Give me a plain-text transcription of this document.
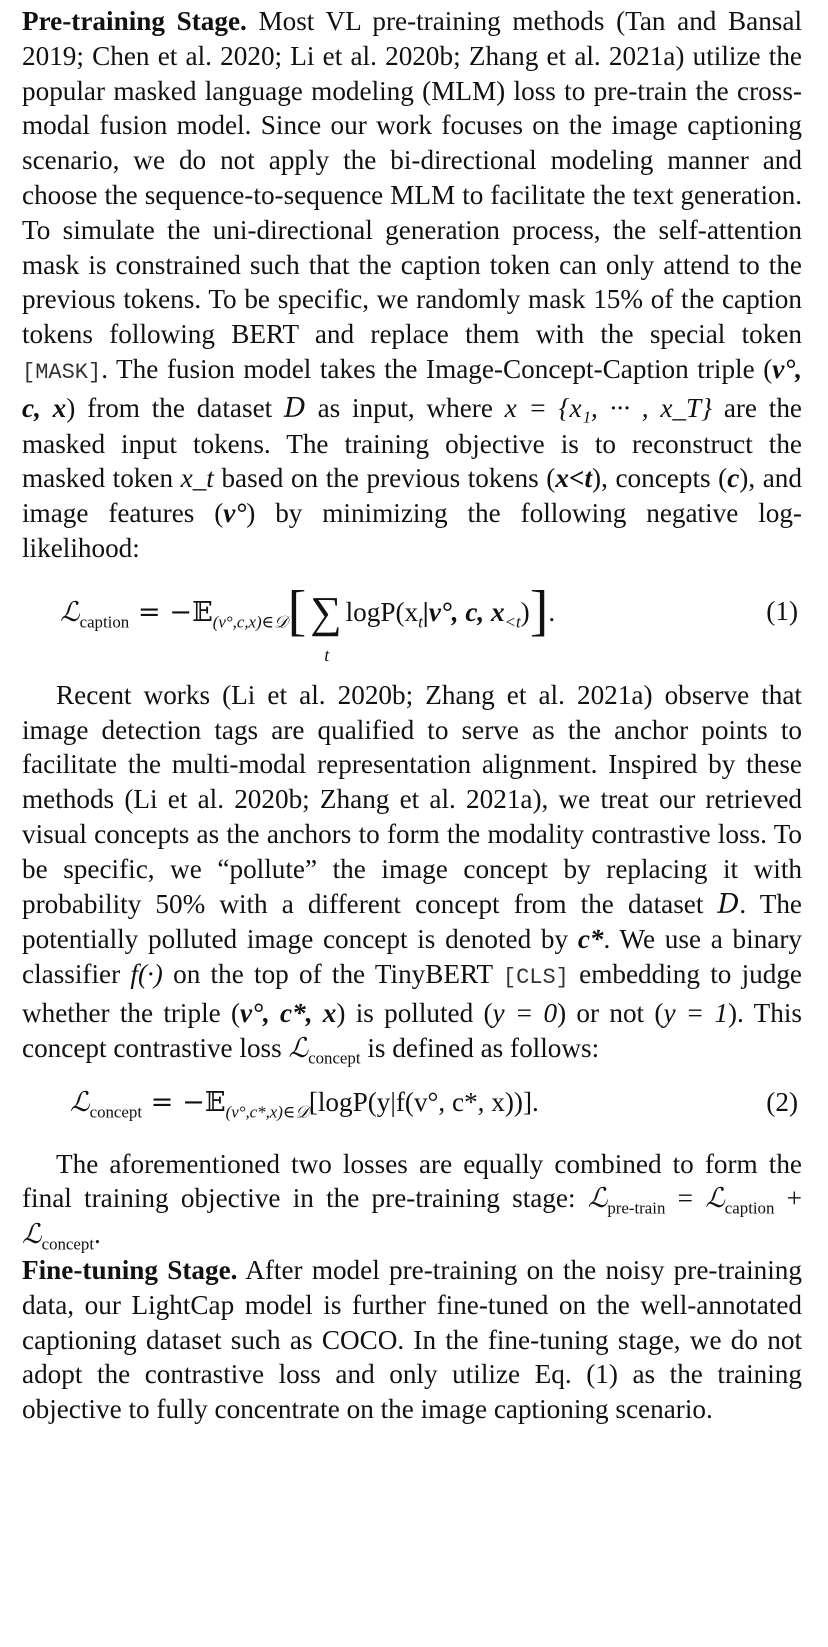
Pre-training Stage. Most VL pre-training methods (Tan and Bansal 2019; Chen et al. 2020; Li et al. 2020b; Zhang et al. 2021a) utilize the popular masked language modeling (MLM) loss to pre-train the cross-modal fusion model. Since our work focuses on the image captioning scenario, we do not apply the bi-directional modeling manner and choose the sequence-to-sequence MLM to facilitate the text generation. To simulate the uni-directional generation process, the self-attention mask is constrained such that the caption token can only attend to the previous tokens. To be specific, we randomly mask 15% of the caption tokens following BERT and replace them with the special token [MASK]. The fusion model takes the Image-Concept-Caption triple (v°, c, x) from the dataset D as input, where x = {x₁, ··· , x_T} are the masked input tokens. The training objective is to reconstruct the masked token x_t based on the previous tokens (x<t), concepts (c), and image features (v°) by minimizing the following negative log-likelihood:

ℒ$_{caption}$ = −𝔼$_{(v^\circ,c,x)\in 𝒟}$[∑
t
$\log P(x_t|v^\circ$, c, $x_{<t}$)].	(1)

Recent works (Li et al. 2020b; Zhang et al. 2021a) observe that image detection tags are qualified to serve as the anchor points to facilitate the multi-modal representation alignment. Inspired by these methods (Li et al. 2020b; Zhang et al. 2021a), we treat our retrieved visual concepts as the anchors to form the modality contrastive loss. To be specific, we “pollute” the image concept by replacing it with probability 50% with a different concept from the dataset D. The potentially polluted image concept is denoted by c*. We use a binary classifier f(·) on the top of the TinyBERT [CLS] embedding to judge whether the triple (v°, c*, x) is polluted (y = 0) or not (y = 1). This concept contrastive loss ℒ$_{concept}$ is defined as follows:

ℒ$_{concept}$ = −𝔼$_{(v^\circ,c*,x)\in 𝒟}$[logP(y|f(v°, c*, x))].	(2)

The aforementioned two losses are equally combined to form the final training objective in the pre-training stage: ℒ$_{pre-train}$ = ℒ$_{caption}$ + ℒ$_{concept}$.

Fine-tuning Stage. After model pre-training on the noisy pre-training data, our LightCap model is further fine-tuned on the well-annotated captioning dataset such as COCO. In the fine-tuning stage, we do not adopt the contrastive loss and only utilize Eq. (1) as the training objective to fully concentrate on the image captioning scenario.
